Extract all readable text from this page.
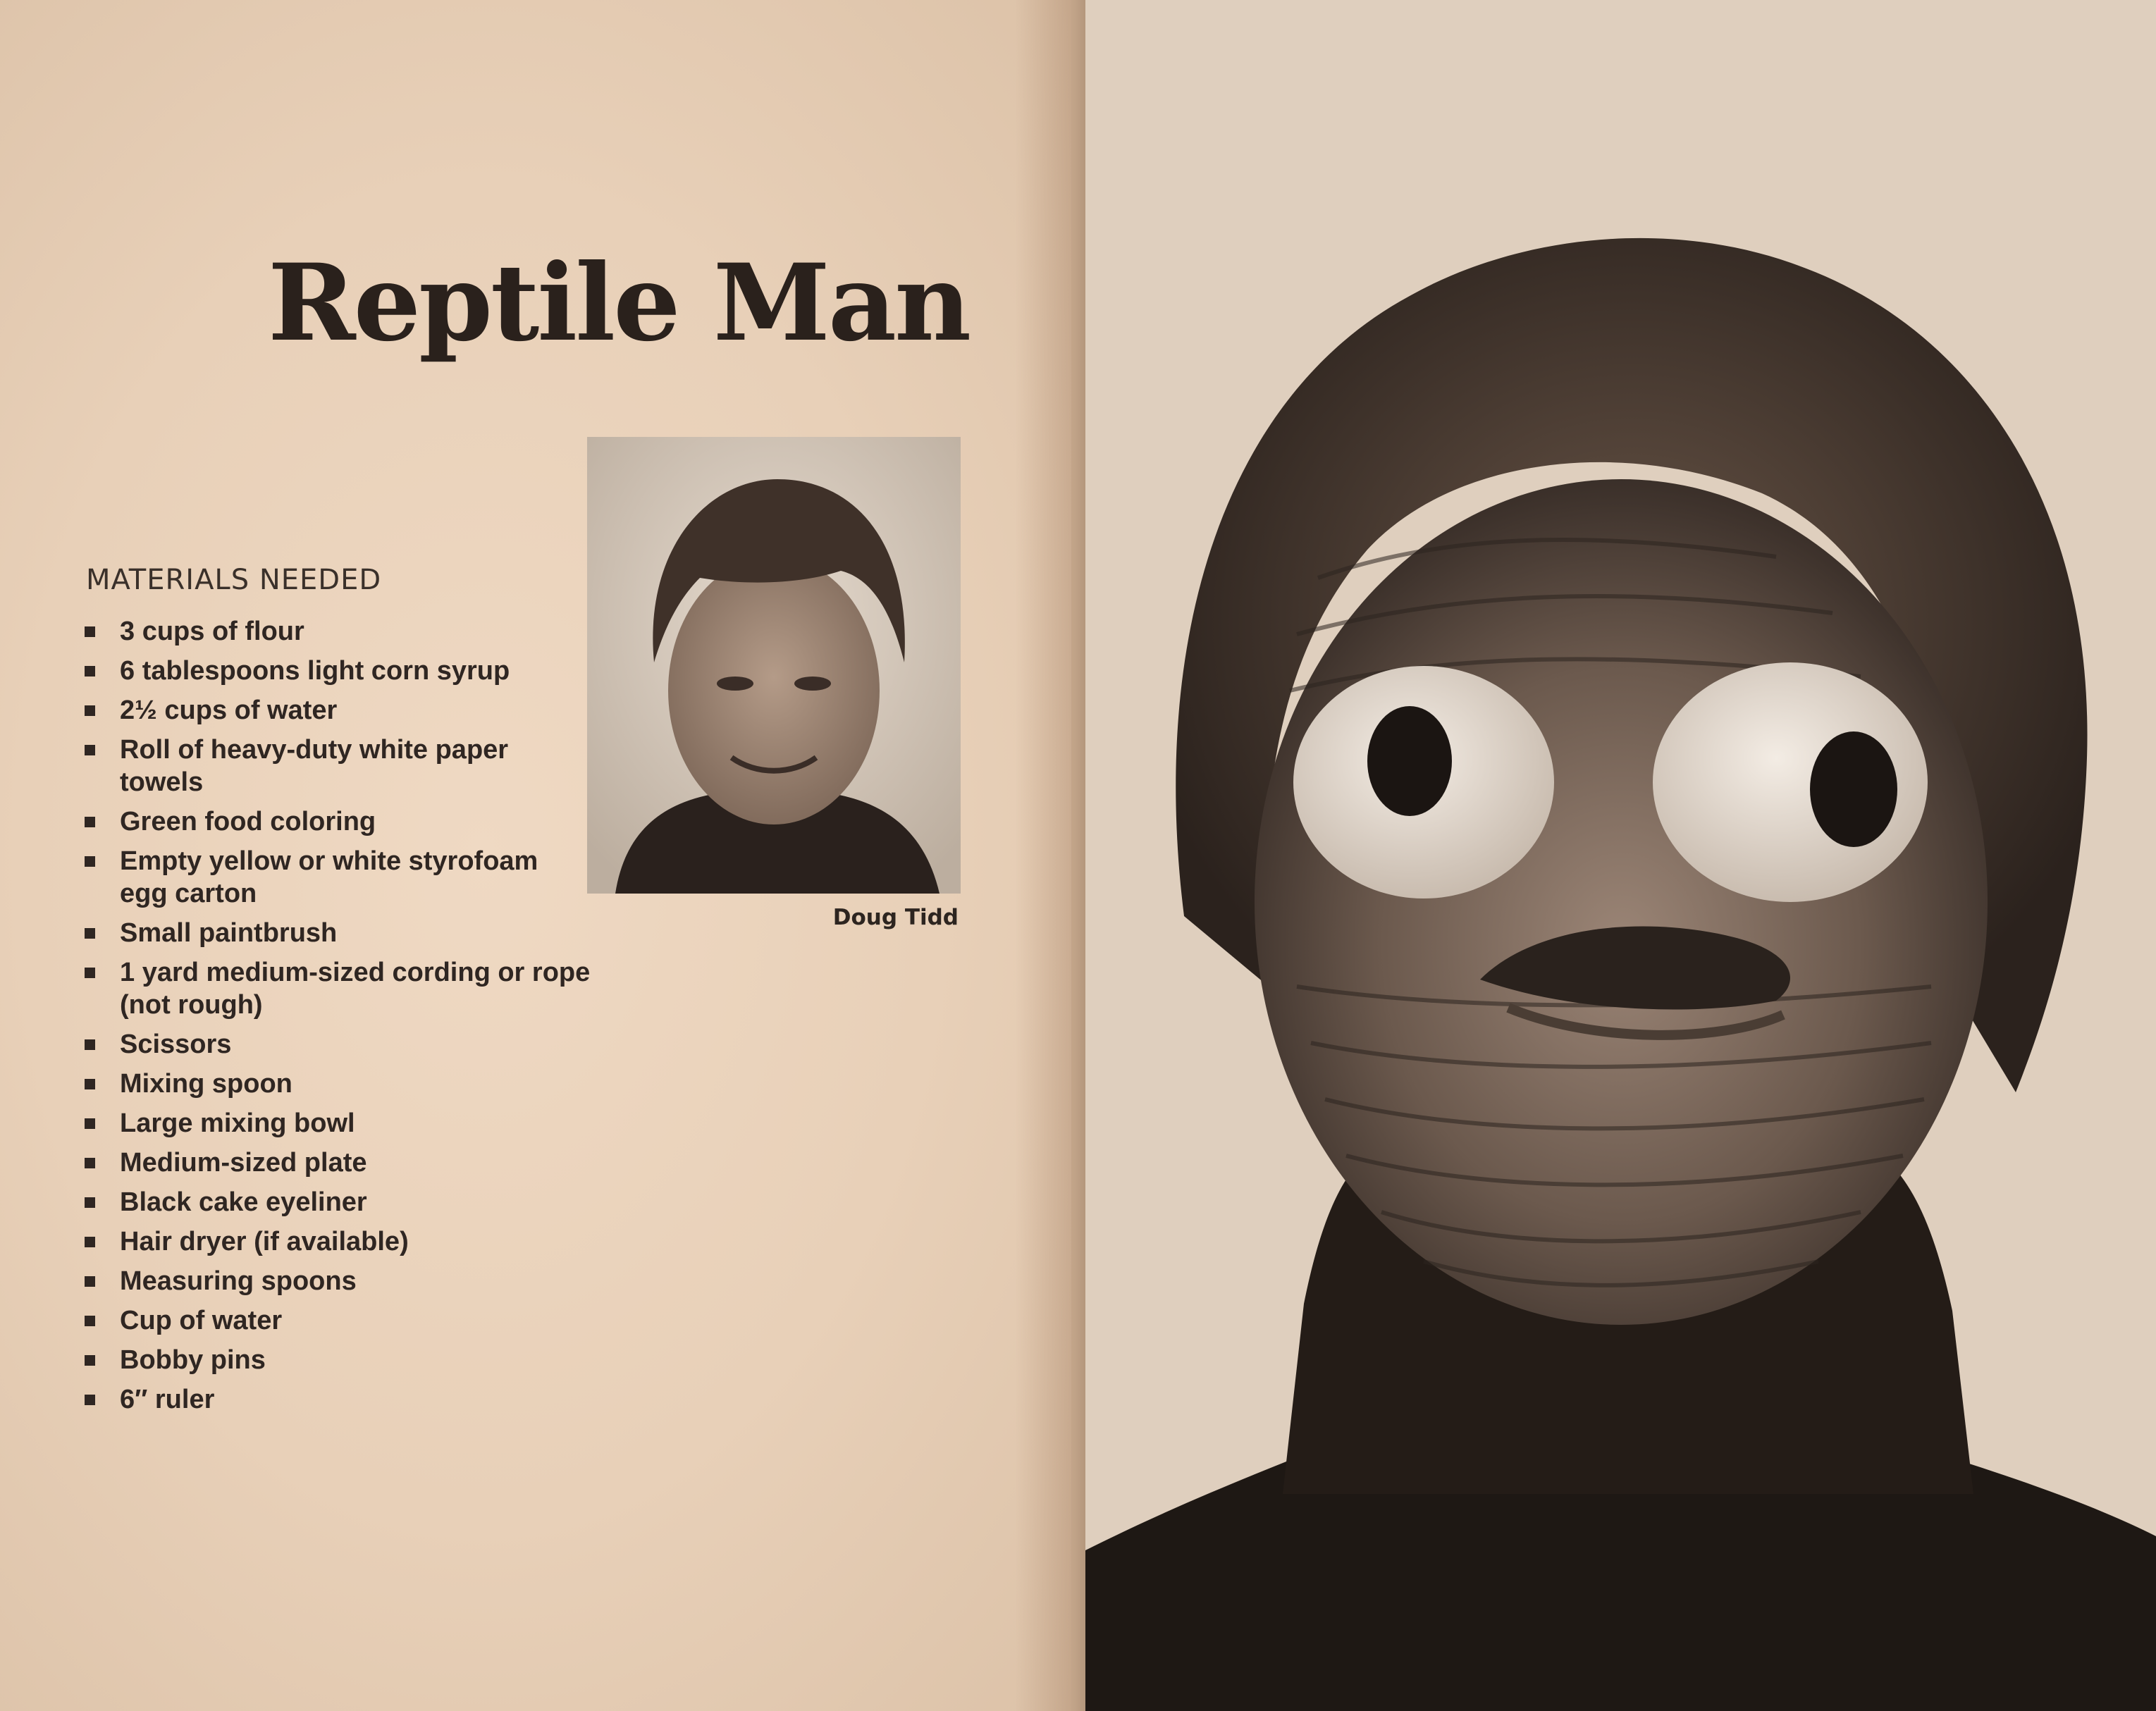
Reptile Man
Doug Tidd
MATERIALS NEEDED
3 cups of flour
6 tablespoons light corn syrup
2½ cups of water
Roll of heavy-duty white paper towels
Green food coloring
Empty yellow or white styrofoam egg carton
Small paintbrush
1 yard medium-sized cording or rope (not rough)
Scissors
Mixing spoon
Large mixing bowl
Medium-sized plate
Black cake eyeliner
Hair dryer (if available)
Measuring spoons
Cup of water
Bobby pins
6″ ruler
